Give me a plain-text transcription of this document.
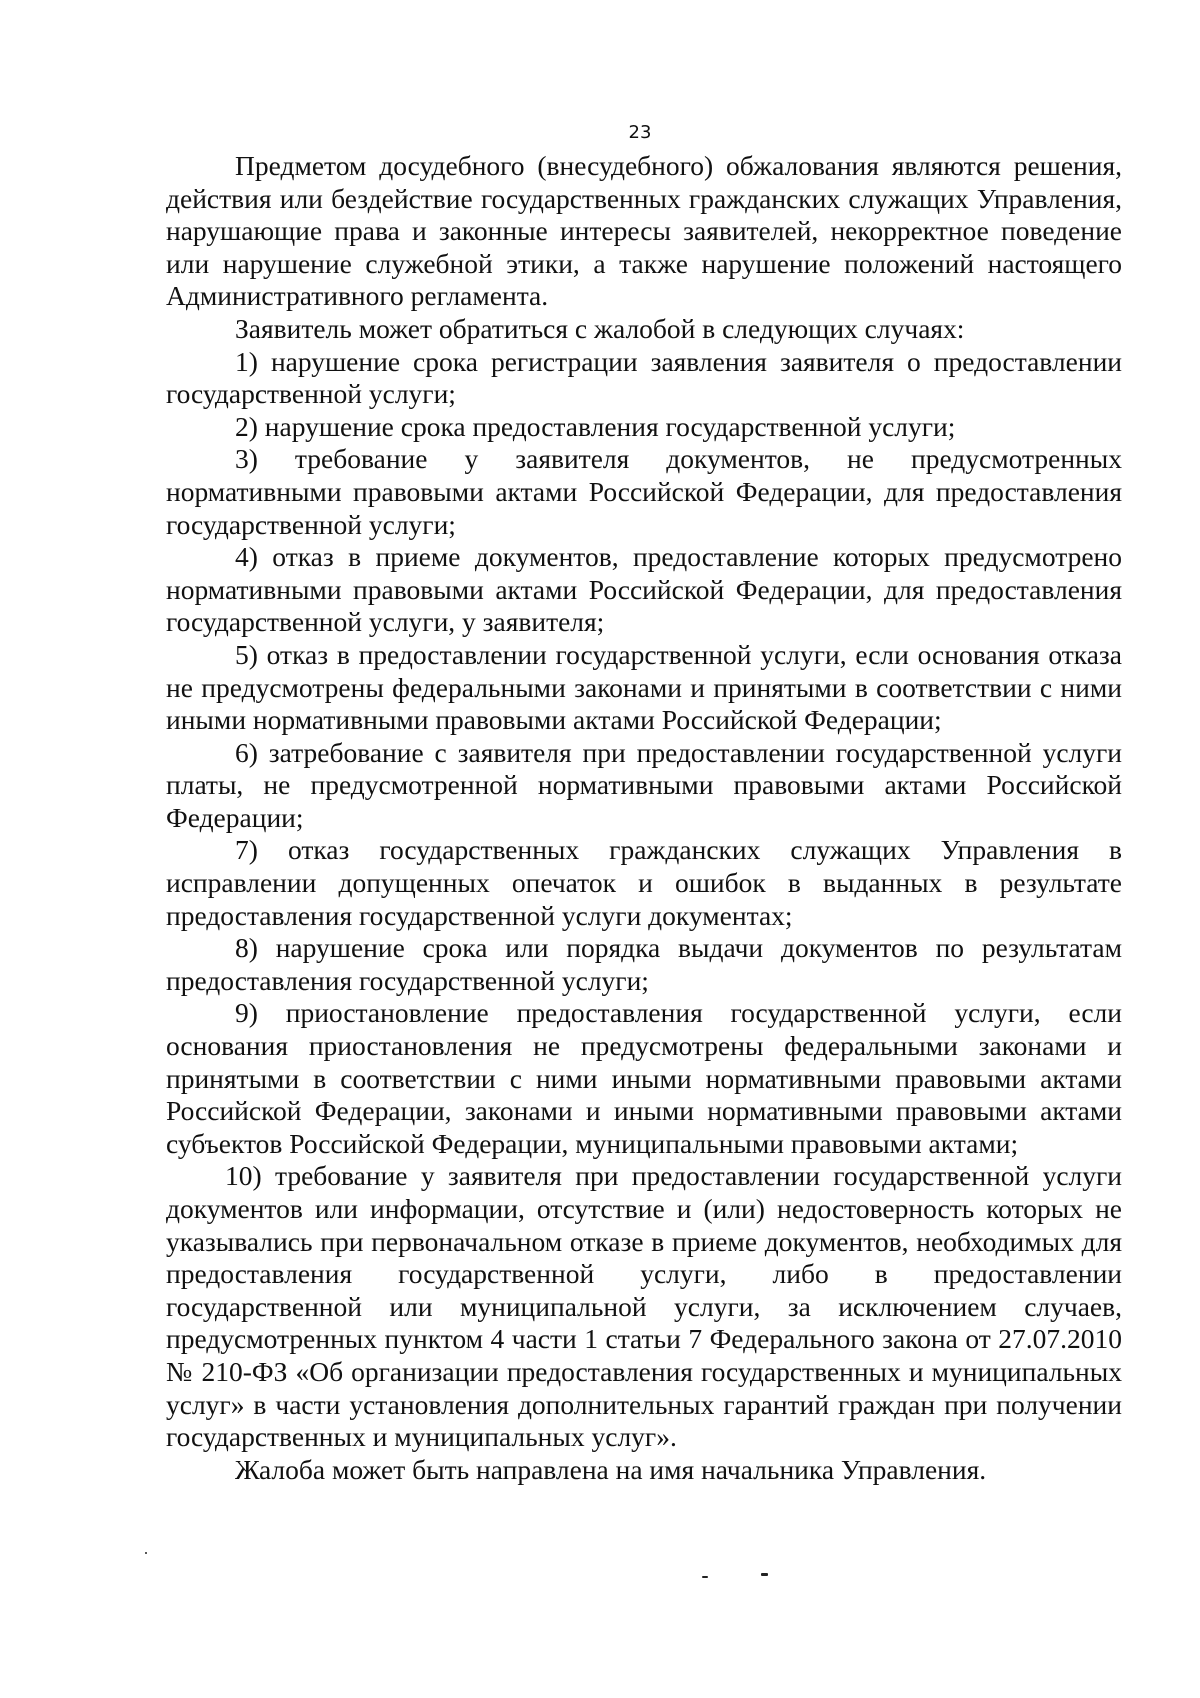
23

Предметом досудебного (внесудебного) обжалования являются решения, действия или бездействие государственных гражданских служащих Управления, нарушающие права и законные интересы заявителей, некорректное поведение или нарушение служебной этики, а также нарушение положений настоящего Административного регламента.

Заявитель может обратиться с жалобой в следующих случаях:

1) нарушение срока регистрации заявления заявителя о предоставлении государственной услуги;

2) нарушение срока предоставления государственной услуги;

3) требование у заявителя документов, не предусмотренных нормативными правовыми актами Российской Федерации, для предоставления государственной услуги;

4) отказ в приеме документов, предоставление которых предусмотрено нормативными правовыми актами Российской Федерации, для предоставления государственной услуги, у заявителя;

5) отказ в предоставлении государственной услуги, если основания отказа не предусмотрены федеральными законами и принятыми в соответствии с ними иными нормативными правовыми актами Российской Федерации;

6) затребование с заявителя при предоставлении государственной услуги платы, не предусмотренной нормативными правовыми актами Российской Федерации;

7) отказ государственных гражданских служащих Управления в исправлении допущенных опечаток и ошибок в выданных в результате предоставления государственной услуги документах;

8) нарушение срока или порядка выдачи документов по результатам предоставления государственной услуги;

9) приостановление предоставления государственной услуги, если основания приостановления не предусмотрены федеральными законами и принятыми в соответствии с ними иными нормативными правовыми актами Российской Федерации, законами и иными нормативными правовыми актами субъектов Российской Федерации, муниципальными правовыми актами;

10) требование у заявителя при предоставлении государственной услуги документов или информации, отсутствие и (или) недостоверность которых не указывались при первоначальном отказе в приеме документов, необходимых для предоставления государственной услуги, либо в предоставлении государственной или муниципальной услуги, за исключением случаев, предусмотренных пунктом 4 части 1 статьи 7 Федерального закона от 27.07.2010 № 210-ФЗ «Об организации предоставления государственных и муниципальных услуг» в части установления дополнительных гарантий граждан при получении государственных и муниципальных услуг».

Жалоба может быть направлена на имя начальника Управления.
